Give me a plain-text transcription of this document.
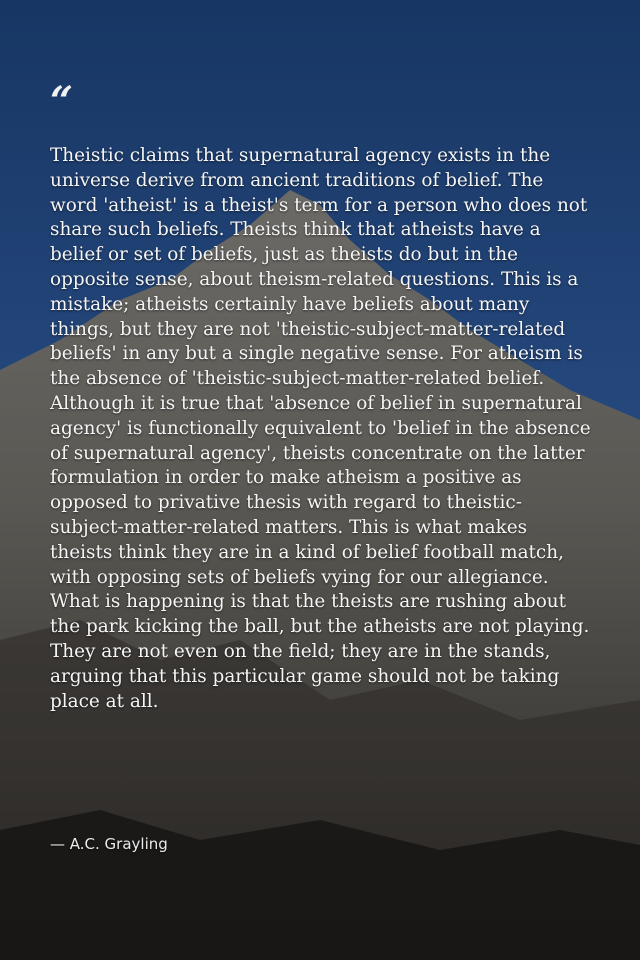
“

Theistic claims that supernatural agency exists in the universe derive from ancient traditions of belief. The word 'atheist' is a theist's term for a person who does not share such beliefs. Theists think that atheists have a belief or set of beliefs, just as theists do but in the opposite sense, about theism-related questions. This is a mistake; atheists certainly have beliefs about many things, but they are not 'theistic-subject-matter-related beliefs' in any but a single negative sense. For atheism is the absence of 'theistic-subject-matter-related belief. Although it is true that 'absence of belief in supernatural agency' is functionally equivalent to 'belief in the absence of supernatural agency', theists concentrate on the latter formulation in order to make atheism a positive as opposed to privative thesis with regard to theistic-subject-matter-related matters. This is what makes theists think they are in a kind of belief football match, with opposing sets of beliefs vying for our allegiance. What is happening is that the theists are rushing about the park kicking the ball, but the atheists are not playing. They are not even on the field; they are in the stands, arguing that this particular game should not be taking place at all.

— A.C. Grayling
